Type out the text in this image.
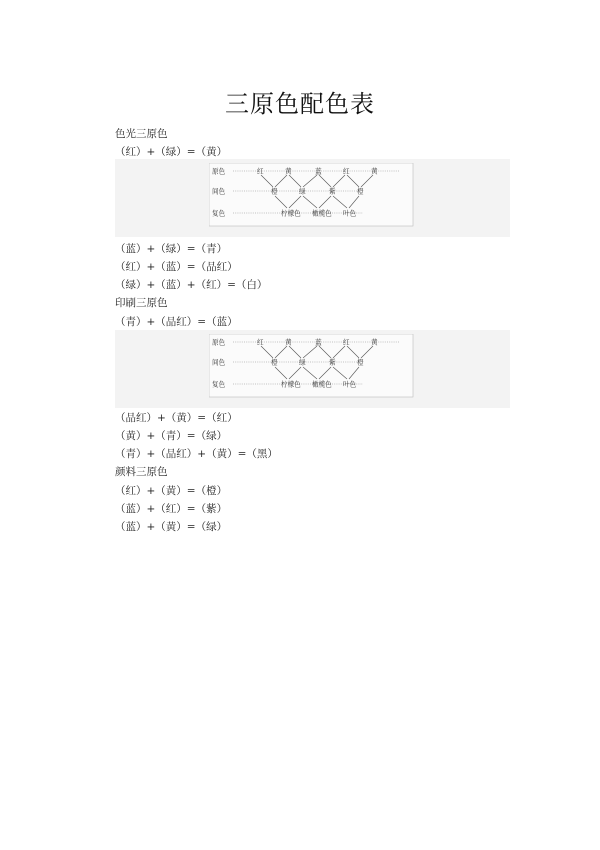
三原色配色表
色光三原色
（红）+（绿）=（黄）
原色
间色
复色
红	黄	蓝	红	黄
橙	绿	紫	橙
柠檬色 橄榄色 叶色
（蓝）+（绿）=（青）
（红）+（蓝）=（品红）
（绿）+（蓝）+（红）=（白）
印刷三原色
（青）+（品红）=（蓝）
原色
间色
复色
红	黄	蓝	红	黄
橙	绿	紫	橙
柠檬色 橄榄色 叶色
（品红）+（黄）=（红）
（黄）+（青）=（绿）
（青）+（品红）+（黄）=（黑）
颜料三原色
（红）+（黄）=（橙）
（蓝）+（红）=（紫）
（蓝）+（黄）=（绿）
